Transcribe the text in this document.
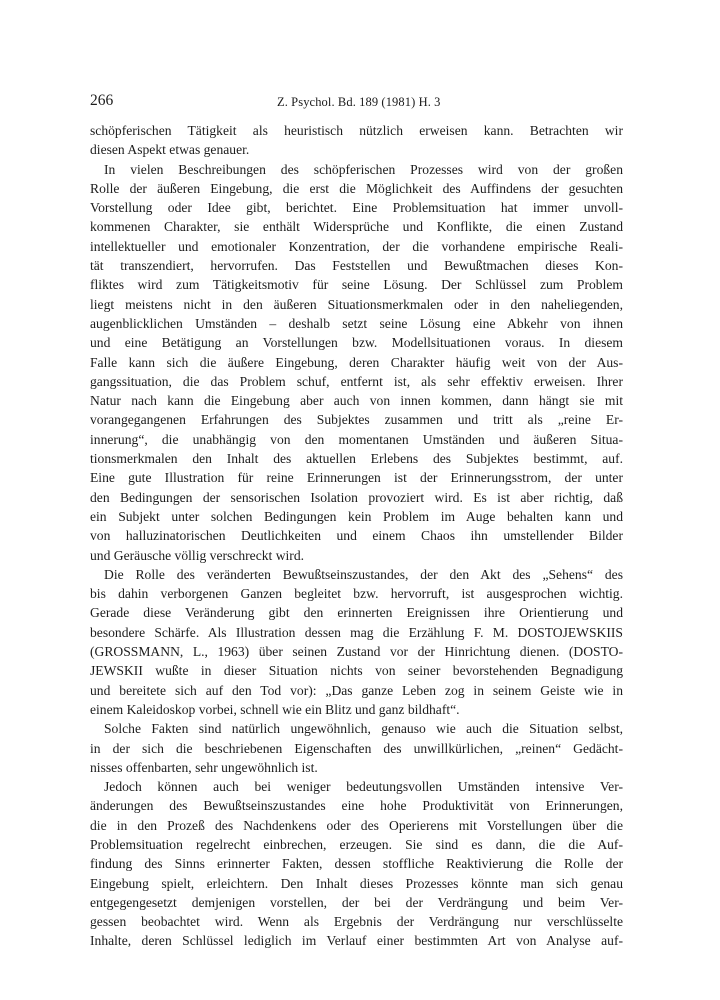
266	Z. Psychol. Bd. 189 (1981) H. 3
schöpferischen Tätigkeit als heuristisch nützlich erweisen kann. Betrachten wir
diesen Aspekt etwas genauer.
In vielen Beschreibungen des schöpferischen Prozesses wird von der großen
Rolle der äußeren Eingebung, die erst die Möglichkeit des Auffindens der gesuchten
Vorstellung oder Idee gibt, berichtet. Eine Problemsituation hat immer unvoll-
kommenen Charakter, sie enthält Widersprüche und Konflikte, die einen Zustand
intellektueller und emotionaler Konzentration, der die vorhandene empirische Reali-
tät transzendiert, hervorrufen. Das Feststellen und Bewußtmachen dieses Kon-
fliktes wird zum Tätigkeitsmotiv für seine Lösung. Der Schlüssel zum Problem
liegt meistens nicht in den äußeren Situationsmerkmalen oder in den naheliegenden,
augenblicklichen Umständen – deshalb setzt seine Lösung eine Abkehr von ihnen
und eine Betätigung an Vorstellungen bzw. Modellsituationen voraus. In diesem
Falle kann sich die äußere Eingebung, deren Charakter häufig weit von der Aus-
gangssituation, die das Problem schuf, entfernt ist, als sehr effektiv erweisen. Ihrer
Natur nach kann die Eingebung aber auch von innen kommen, dann hängt sie mit
vorangegangenen Erfahrungen des Subjektes zusammen und tritt als „reine Er-
innerung“, die unabhängig von den momentanen Umständen und äußeren Situa-
tionsmerkmalen den Inhalt des aktuellen Erlebens des Subjektes bestimmt, auf.
Eine gute Illustration für reine Erinnerungen ist der Erinnerungsstrom, der unter
den Bedingungen der sensorischen Isolation provoziert wird. Es ist aber richtig, daß
ein Subjekt unter solchen Bedingungen kein Problem im Auge behalten kann und
von halluzinatorischen Deutlichkeiten und einem Chaos ihn umstellender Bilder
und Geräusche völlig verschreckt wird.
Die Rolle des veränderten Bewußtseinszustandes, der den Akt des „Sehens“ des
bis dahin verborgenen Ganzen begleitet bzw. hervorruft, ist ausgesprochen wichtig.
Gerade diese Veränderung gibt den erinnerten Ereignissen ihre Orientierung und
besondere Schärfe. Als Illustration dessen mag die Erzählung F. M. DOSTOJEWSKIIS
(GROSSMANN, L., 1963) über seinen Zustand vor der Hinrichtung dienen. (DOSTO-
JEWSKII wußte in dieser Situation nichts von seiner bevorstehenden Begnadigung
und bereitete sich auf den Tod vor): „Das ganze Leben zog in seinem Geiste wie in
einem Kaleidoskop vorbei, schnell wie ein Blitz und ganz bildhaft“.
Solche Fakten sind natürlich ungewöhnlich, genauso wie auch die Situation selbst,
in der sich die beschriebenen Eigenschaften des unwillkürlichen, „reinen“ Gedächt-
nisses offenbarten, sehr ungewöhnlich ist.
Jedoch können auch bei weniger bedeutungsvollen Umständen intensive Ver-
änderungen des Bewußtseinszustandes eine hohe Produktivität von Erinnerungen,
die in den Prozeß des Nachdenkens oder des Operierens mit Vorstellungen über die
Problemsituation regelrecht einbrechen, erzeugen. Sie sind es dann, die die Auf-
findung des Sinns erinnerter Fakten, dessen stoffliche Reaktivierung die Rolle der
Eingebung spielt, erleichtern. Den Inhalt dieses Prozesses könnte man sich genau
entgegengesetzt demjenigen vorstellen, der bei der Verdrängung und beim Ver-
gessen beobachtet wird. Wenn als Ergebnis der Verdrängung nur verschlüsselte
Inhalte, deren Schlüssel lediglich im Verlauf einer bestimmten Art von Analyse auf-
